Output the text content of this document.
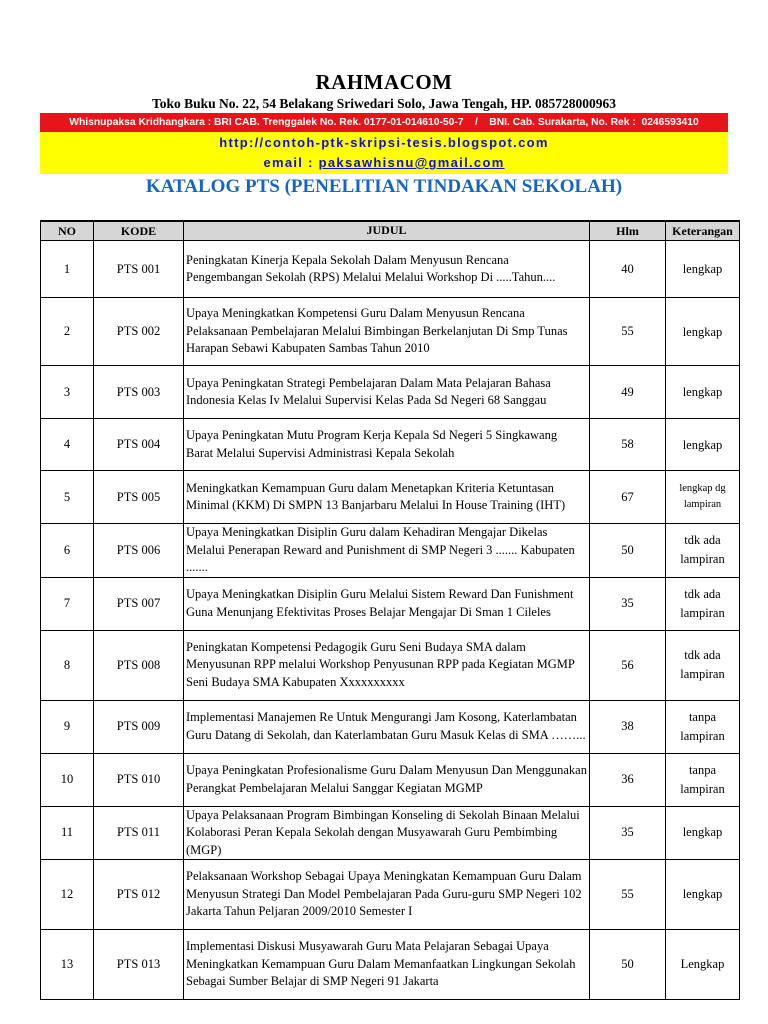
RAHMACOM
Toko Buku No. 22, 54 Belakang Sriwedari Solo, Jawa Tengah, HP. 085728000963
Whisnupaksa Kridhangkara : BRI CAB. Trenggalek No. Rek. 0177-01-014610-50-7    /    BNI. Cab. Surakarta, No. Rek :  0246593410
http://contoh-ptk-skripsi-tesis.blogspot.com
email : paksawhisnu@gmail.com
KATALOG PTS (PENELITIAN TINDAKAN SEKOLAH)
NO	KODE	JUDUL	Hlm	Keterangan
1	PTS 001	Peningkatan Kinerja Kepala Sekolah Dalam Menyusun Rencana Pengembangan Sekolah (RPS) Melalui Melalui Workshop Di .....Tahun....	40	lengkap
2	PTS 002	Upaya Meningkatkan Kompetensi Guru Dalam Menyusun Rencana Pelaksanaan Pembelajaran Melalui Bimbingan Berkelanjutan Di Smp Tunas Harapan Sebawi Kabupaten Sambas Tahun 2010	55	lengkap
3	PTS 003	Upaya Peningkatan Strategi Pembelajaran Dalam Mata Pelajaran Bahasa Indonesia Kelas Iv Melalui Supervisi Kelas Pada Sd Negeri 68 Sanggau	49	lengkap
4	PTS 004	Upaya Peningkatan Mutu Program Kerja Kepala Sd Negeri 5 Singkawang Barat Melalui Supervisi Administrasi Kepala Sekolah	58	lengkap
5	PTS 005	Meningkatkan Kemampuan Guru dalam Menetapkan Kriteria Ketuntasan Minimal (KKM) Di SMPN 13 Banjarbaru Melalui In House Training (IHT)	67	lengkap dg lampiran
6	PTS 006	Upaya Meningkatkan Disiplin Guru dalam Kehadiran Mengajar Dikelas Melalui Penerapan Reward and Punishment di SMP Negeri 3 ....... Kabupaten .......	50	tdk ada lampiran
7	PTS 007	Upaya Meningkatkan Disiplin Guru Melalui Sistem Reward Dan Funishment Guna Menunjang Efektivitas Proses Belajar Mengajar Di Sman 1 Cileles	35	tdk ada lampiran
8	PTS 008	Peningkatan Kompetensi Pedagogik Guru Seni Budaya SMA dalam Menyusunan RPP melalui Workshop Penyusunan RPP pada Kegiatan MGMP Seni Budaya SMA Kabupaten Xxxxxxxxxx	56	tdk ada lampiran
9	PTS 009	Implementasi Manajemen Re Untuk Mengurangi Jam Kosong, Katerlambatan Guru Datang di Sekolah, dan Katerlambatan Guru Masuk Kelas di SMA ……...	38	tanpa lampiran
10	PTS 010	Upaya Peningkatan Profesionalisme Guru Dalam Menyusun Dan Menggunakan Perangkat Pembelajaran Melalui Sanggar Kegiatan MGMP	36	tanpa lampiran
11	PTS 011	Upaya Pelaksanaan Program Bimbingan Konseling di Sekolah Binaan Melalui Kolaborasi Peran Kepala Sekolah dengan Musyawarah Guru Pembimbing (MGP)	35	lengkap
12	PTS 012	Pelaksanaan Workshop Sebagai Upaya Meningkatan Kemampuan Guru Dalam Menyusun Strategi Dan Model Pembelajaran Pada Guru-guru SMP Negeri 102 Jakarta Tahun Peljaran 2009/2010 Semester I	55	lengkap
13	PTS 013	Implementasi Diskusi Musyawarah Guru Mata Pelajaran Sebagai Upaya Meningkatkan Kemampuan Guru Dalam Memanfaatkan Lingkungan Sekolah Sebagai Sumber Belajar di SMP Negeri 91 Jakarta	50	Lengkap
